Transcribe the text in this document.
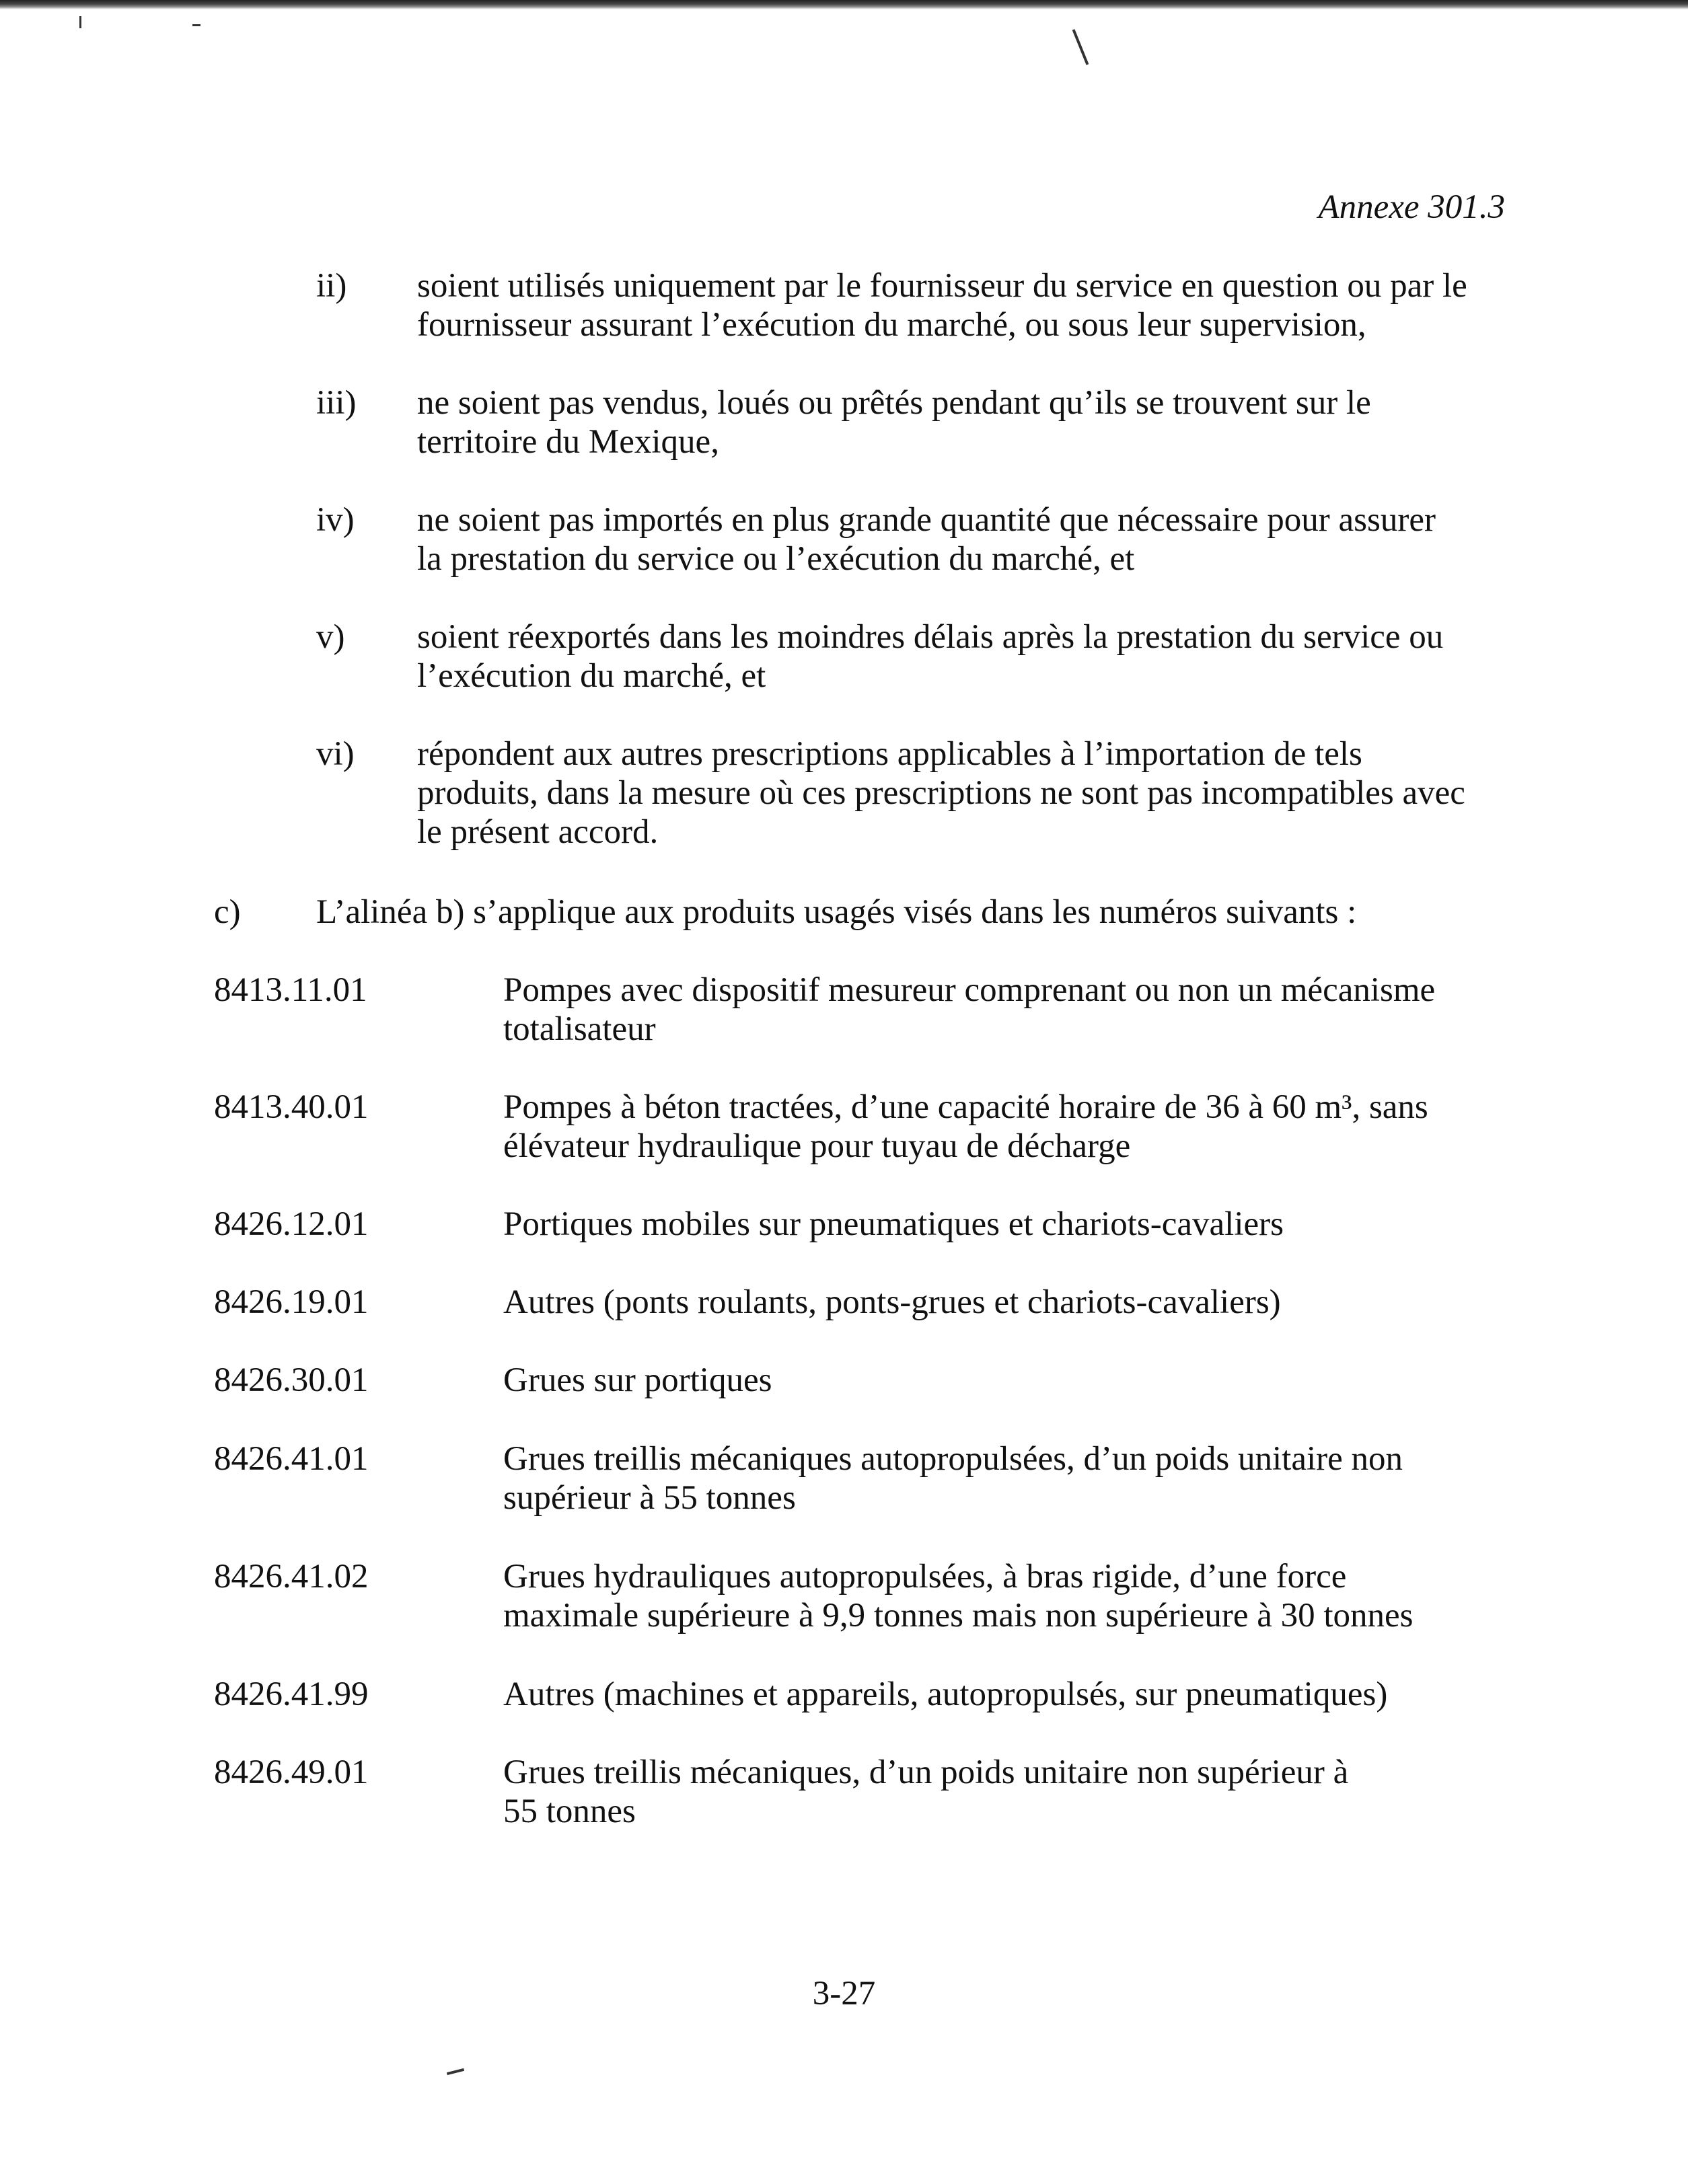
Annexe 301.3
ii) soient utilisés uniquement par le fournisseur du service en question ou par le
fournisseur assurant l’exécution du marché, ou sous leur supervision,
iii) ne soient pas vendus, loués ou prêtés pendant qu’ils se trouvent sur le
territoire du Mexique,
iv) ne soient pas importés en plus grande quantité que nécessaire pour assurer
la prestation du service ou l’exécution du marché, et
v) soient réexportés dans les moindres délais après la prestation du service ou
l’exécution du marché, et
vi) répondent aux autres prescriptions applicables à l’importation de tels
produits, dans la mesure où ces prescriptions ne sont pas incompatibles avec
le présent accord.
c) L’alinéa b) s’applique aux produits usagés visés dans les numéros suivants :
8413.11.01	Pompes avec dispositif mesureur comprenant ou non un mécanisme
totalisateur
8413.40.01	Pompes à béton tractées, d’une capacité horaire de 36 à 60 m³, sans
élévateur hydraulique pour tuyau de décharge
8426.12.01	Portiques mobiles sur pneumatiques et chariots-cavaliers
8426.19.01	Autres (ponts roulants, ponts-grues et chariots-cavaliers)
8426.30.01	Grues sur portiques
8426.41.01	Grues treillis mécaniques autopropulsées, d’un poids unitaire non
supérieur à 55 tonnes
8426.41.02	Grues hydrauliques autopropulsées, à bras rigide, d’une force
maximale supérieure à 9,9 tonnes mais non supérieure à 30 tonnes
8426.41.99	Autres (machines et appareils, autopropulsés, sur pneumatiques)
8426.49.01	Grues treillis mécaniques, d’un poids unitaire non supérieur à
55 tonnes
3-27
